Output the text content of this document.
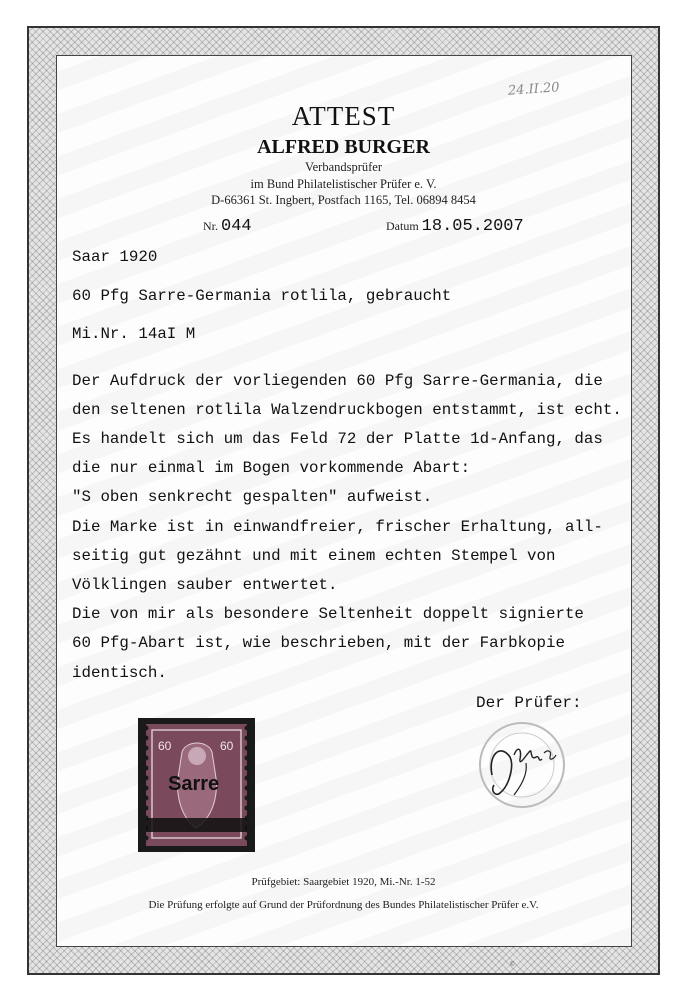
24.II.20
ATTEST
ALFRED BURGER
Verbandsprüfer
im Bund Philatelistischer Prüfer e. V.
D-66361 St. Ingbert, Postfach 1165, Tel. 06894 8454
Nr. 044	Datum 18.05.2007
Saar 1920
60 Pfg Sarre-Germania rotlila, gebraucht
Mi.Nr. 14aI M
Der Aufdruck der vorliegenden 60 Pfg Sarre-Germania, die
den seltenen rotlila Walzendruckbogen entstammt, ist echt.
Es handelt sich um das Feld 72 der Platte 1d-Anfang, das
die nur einmal im Bogen vorkommende Abart:
"S oben senkrecht gespalten" aufweist.
Die Marke ist in einwandfreier, frischer Erhaltung, all-
seitig gut gezähnt und mit einem echten Stempel von
Völklingen sauber entwertet.
Die von mir als besondere Seltenheit doppelt signierte
60 Pfg-Abart ist, wie beschrieben, mit der Farbkopie
identisch.
Der Prüfer:
60	60
Sarre
Prüfgebiet: Saargebiet 1920, Mi.-Nr. 1-52
Die Prüfung erfolgte auf Grund der Prüfordnung des Bundes Philatelistischer Prüfer e.V.
©
